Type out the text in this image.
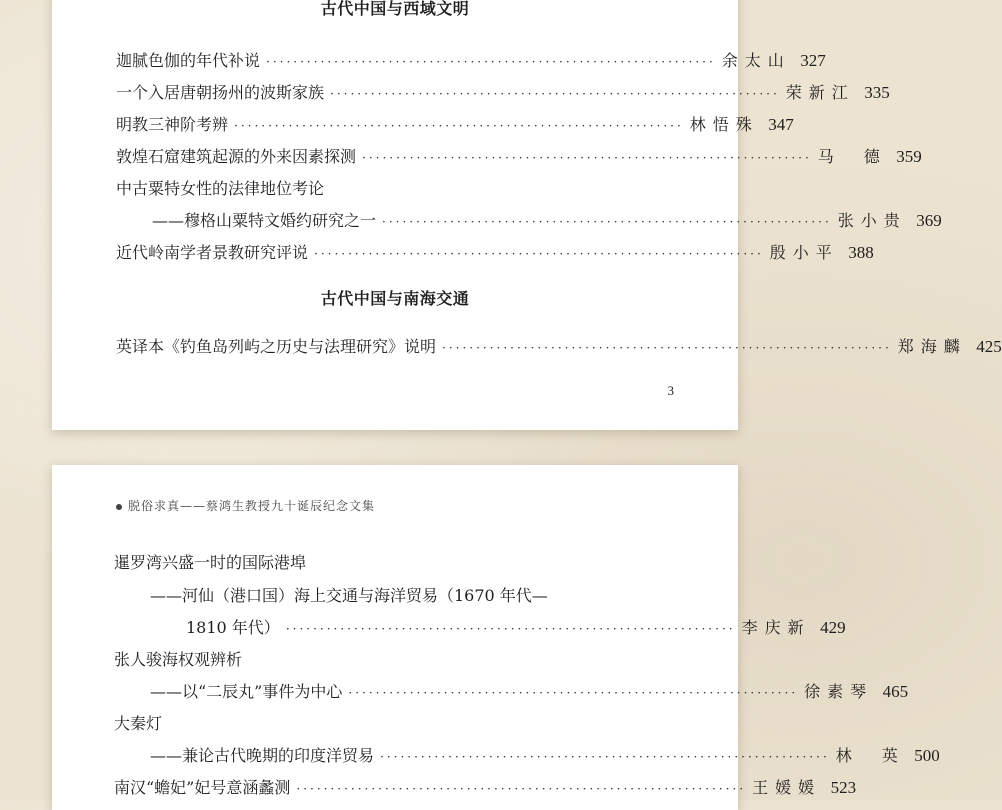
古代中国与西域文明
迦腻色伽的年代补说 ·································································· 余太山 327
一个入居唐朝扬州的波斯家族 ·································································· 荣新江 335
明教三神阶考辨 ·································································· 林悟殊 347
敦煌石窟建筑起源的外来因素探测 ·································································· 马 德 359
中古粟特女性的法律地位考论
——穆格山粟特文婚约研究之一 ·································································· 张小贵 369
近代岭南学者景教研究评说 ·································································· 殷小平 388
古代中国与南海交通
英译本《钓鱼岛列屿之历史与法理研究》说明 ·································································· 郑海麟 425
3
脱俗求真——蔡鸿生教授九十诞辰纪念文集
暹罗湾兴盛一时的国际港埠
——河仙（港口国）海上交通与海洋贸易（1670 年代—
1810 年代） ·································································· 李庆新 429
张人骏海权观辨析
——以“二辰丸”事件为中心 ·································································· 徐素琴 465
大秦灯
——兼论古代晚期的印度洋贸易 ·································································· 林 英 500
南汉“蟾妃”妃号意涵蠡测 ·································································· 王媛媛 523
